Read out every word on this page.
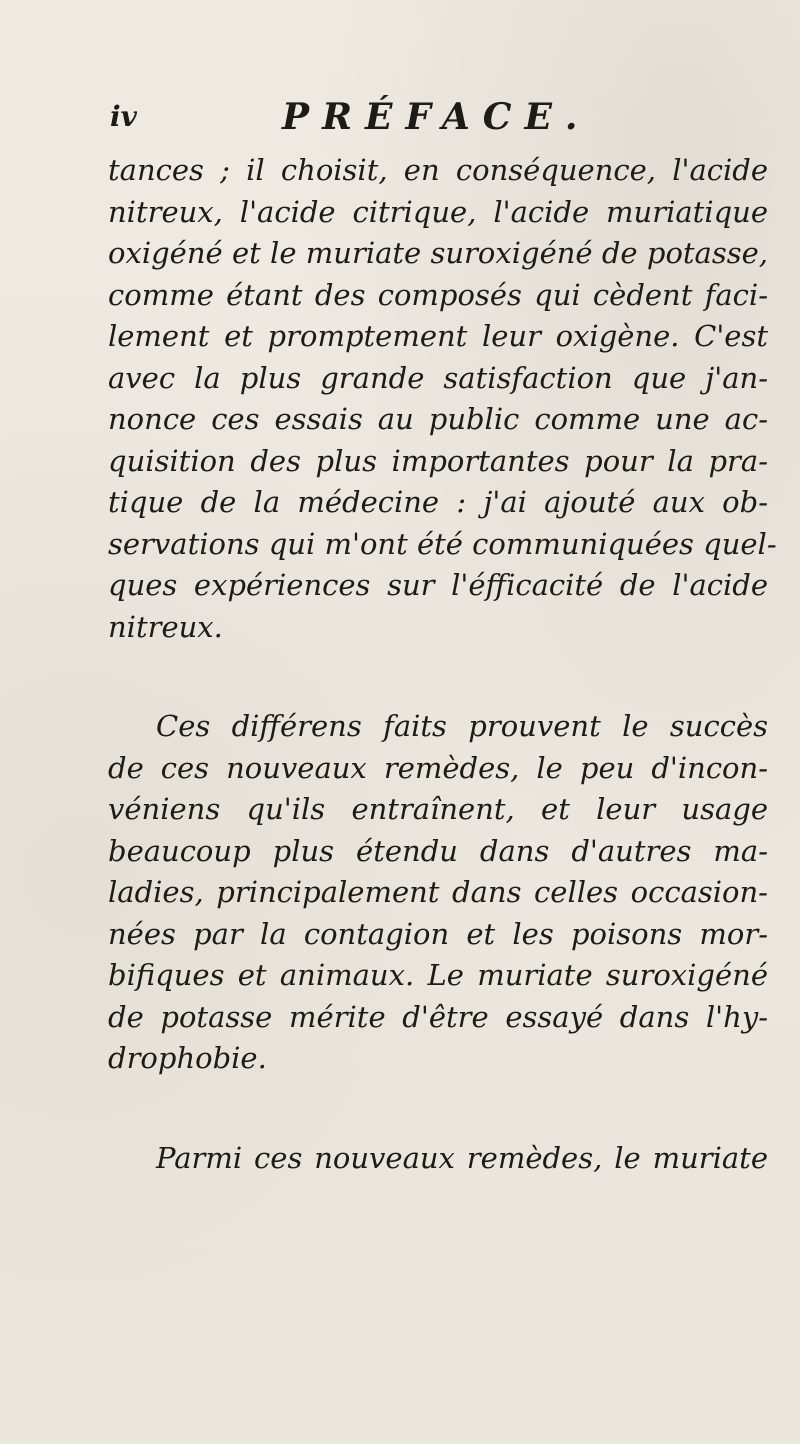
iv	PRÉFACE.
tances ; il choisit, en conséquence, l'acide
nitreux, l'acide citrique, l'acide muriatique
oxigéné et le muriate suroxigéné de potasse,
comme étant des composés qui cèdent faci-
lement et promptement leur oxigène. C'est
avec la plus grande satisfaction que j'an-
nonce ces essais au public comme une ac-
quisition des plus importantes pour la pra-
tique de la médecine : j'ai ajouté aux ob-
servations qui m'ont été communiquées quel-
ques expériences sur l'éfficacité de l'acide
nitreux.
Ces différens faits prouvent le succès
de ces nouveaux remèdes, le peu d'incon-
véniens qu'ils entraînent, et leur usage
beaucoup plus étendu dans d'autres ma-
ladies, principalement dans celles occasion-
nées par la contagion et les poisons mor-
bifiques et animaux. Le muriate suroxigéné
de potasse mérite d'être essayé dans l'hy-
drophobie.
Parmi ces nouveaux remèdes, le muriate
